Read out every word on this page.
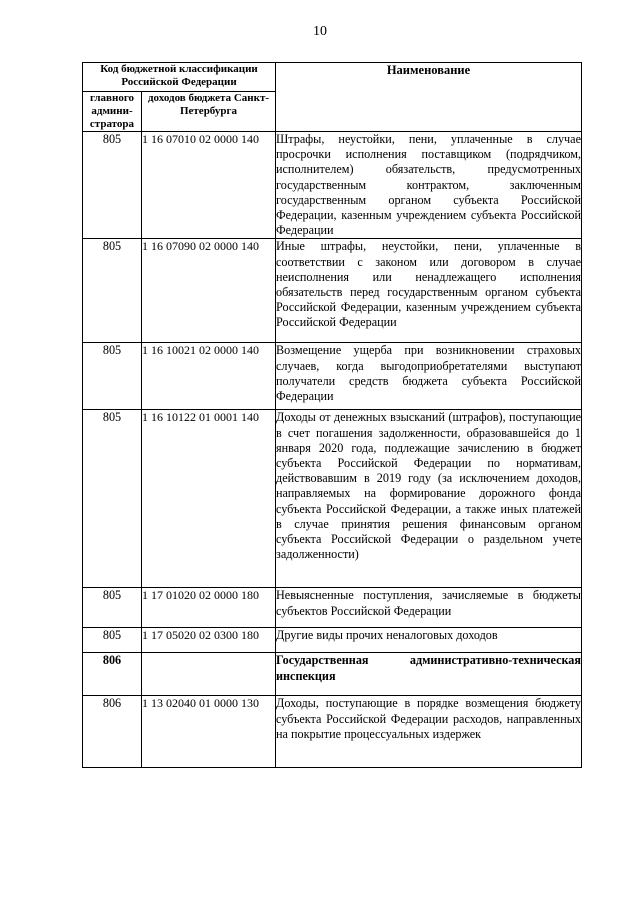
10
Код бюджетной классификации Российской Федерации		Наименование
главного админи-стратора	доходов бюджета Санкт-Петербурга	
805	1 16 07010 02 0000 140	Штрафы, неустойки, пени, уплаченные в случае просрочки исполнения поставщиком (подрядчиком, исполнителем) обязательств, предусмотренных государственным контрактом, заключенным государственным органом субъекта Российской Федерации, казенным учреждением субъекта Российской Федерации
805	1 16 07090 02 0000 140	Иные штрафы, неустойки, пени, уплаченные в соответствии с законом или договором в случае неисполнения или ненадлежащего исполнения обязательств перед государственным органом субъекта Российской Федерации, казенным учреждением субъекта Российской Федерации
805	1 16 10021 02 0000 140	Возмещение ущерба при возникновении страховых случаев, когда выгодоприобретателями выступают получатели средств бюджета субъекта Российской Федерации
805	1 16 10122 01 0001 140	Доходы от денежных взысканий (штрафов), поступающие в счет погашения задолженности, образовавшейся до 1 января 2020 года, подлежащие зачислению в бюджет субъекта Российской Федерации по нормативам, действовавшим в 2019 году (за исключением доходов, направляемых на формирование дорожного фонда субъекта Российской Федерации, а также иных платежей в случае принятия решения финансовым органом субъекта Российской Федерации о раздельном учете задолженности)
805	1 17 01020 02 0000 180	Невыясненные поступления, зачисляемые в бюджеты субъектов Российской Федерации
805	1 17 05020 02 0300 180	Другие виды прочих неналоговых доходов
806		Государственная административно-техническая инспекция
806	1 13 02040 01 0000 130	Доходы, поступающие в порядке возмещения бюджету субъекта Российской Федерации расходов, направленных на покрытие процессуальных издержек
